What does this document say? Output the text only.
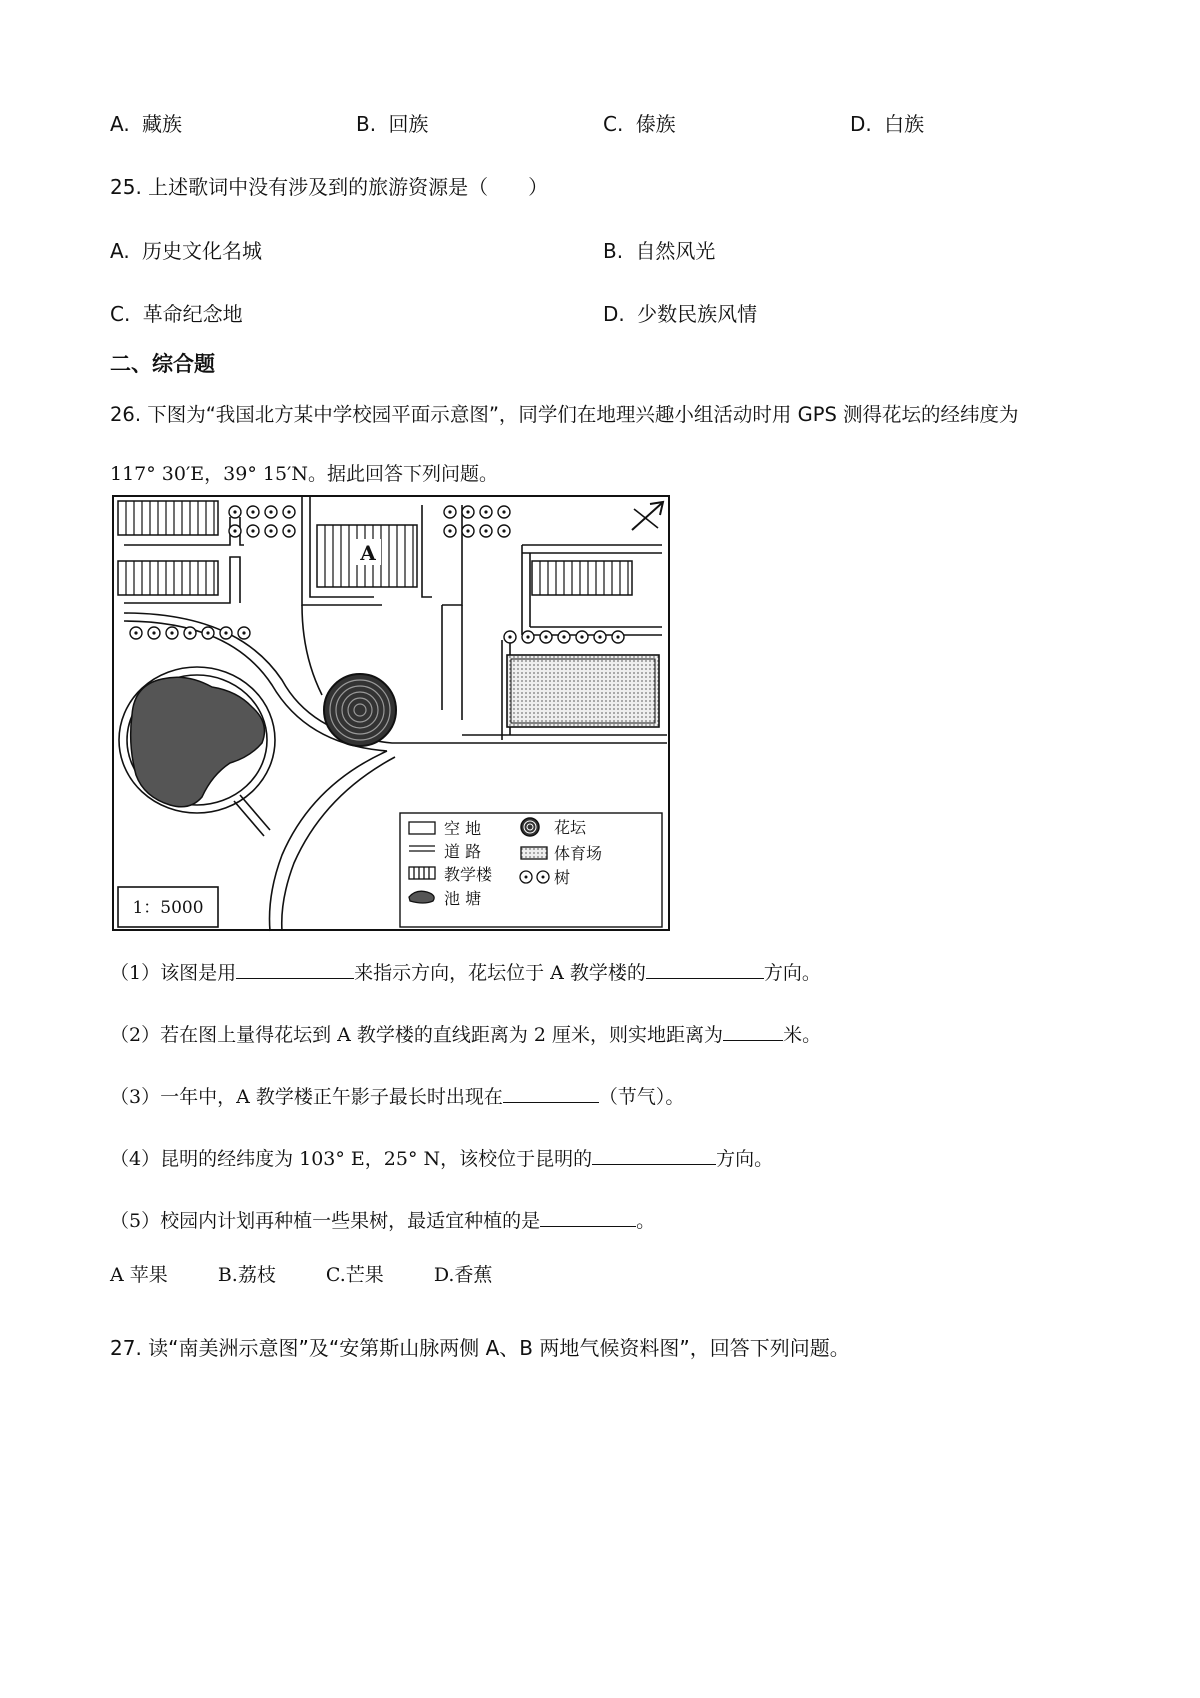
A. 藏族	B. 回族	C. 傣族	D. 白族
25. 上述歌词中没有涉及到的旅游资源是（　　）
A. 历史文化名城	B. 自然风光
C. 革命纪念地	D. 少数民族风情
二、综合题
26. 下图为“我国北方某中学校园平面示意图”，同学们在地理兴趣小组活动时用 GPS 测得花坛的经纬度为
117° 30′E，39° 15′N。据此回答下列问题。
A
空 地
道 路
教学楼
池 塘
花坛
体育场
树
1：5000
（1）该图是用	来指示方向，花坛位于 A 教学楼的	方向。
（2）若在图上量得花坛到 A 教学楼的直线距离为 2 厘米，则实地距离为	米。
（3）一年中，A 教学楼正午影子最长时出现在	（节气）。
（4）昆明的经纬度为 103° E，25° N，该校位于昆明的	方向。
（5）校园内计划再种植一些果树，最适宜种植的是	。
A 苹果	B.荔枝	C.芒果	D.香蕉
27. 读“南美洲示意图”及“安第斯山脉两侧 A、B 两地气候资料图”，回答下列问题。
